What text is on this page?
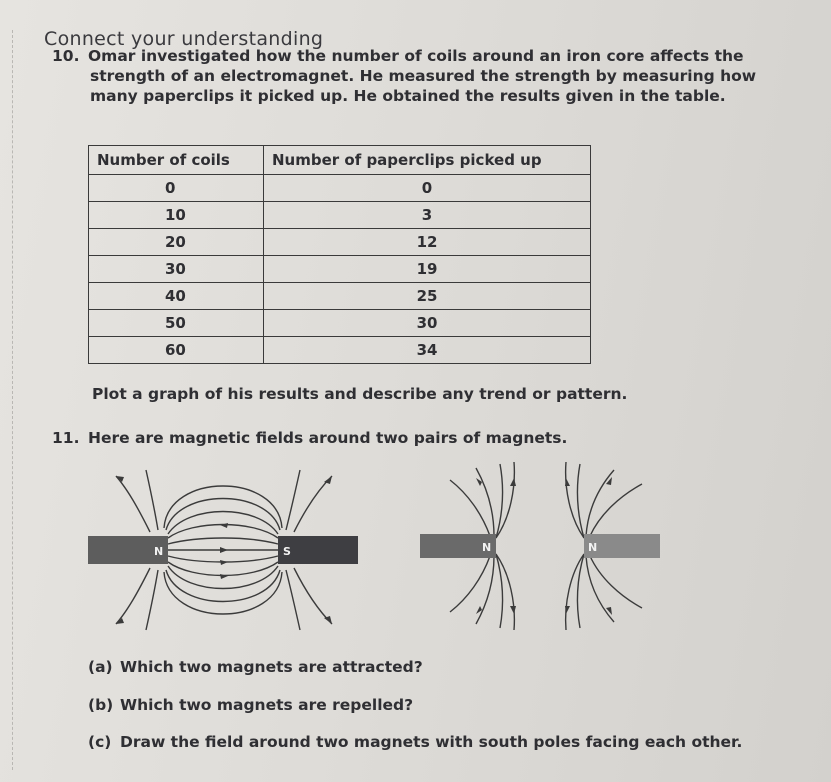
Connect your understanding
10. Omar investigated how the number of coils around an iron core affects the
strength of an electromagnet. He measured the strength by measuring how
many paperclips it picked up. He obtained the results given in the table.
Number of coils	Number of paperclips picked up
0	0
10	3
20	12
30	19
40	25
50	30
60	34
Plot a graph of his results and describe any trend or pattern.
11. Here are magnetic fields around two pairs of magnets.
N	S	N	N
(a) Which two magnets are attracted?
(b) Which two magnets are repelled?
(c) Draw the field around two magnets with south poles facing each other.
